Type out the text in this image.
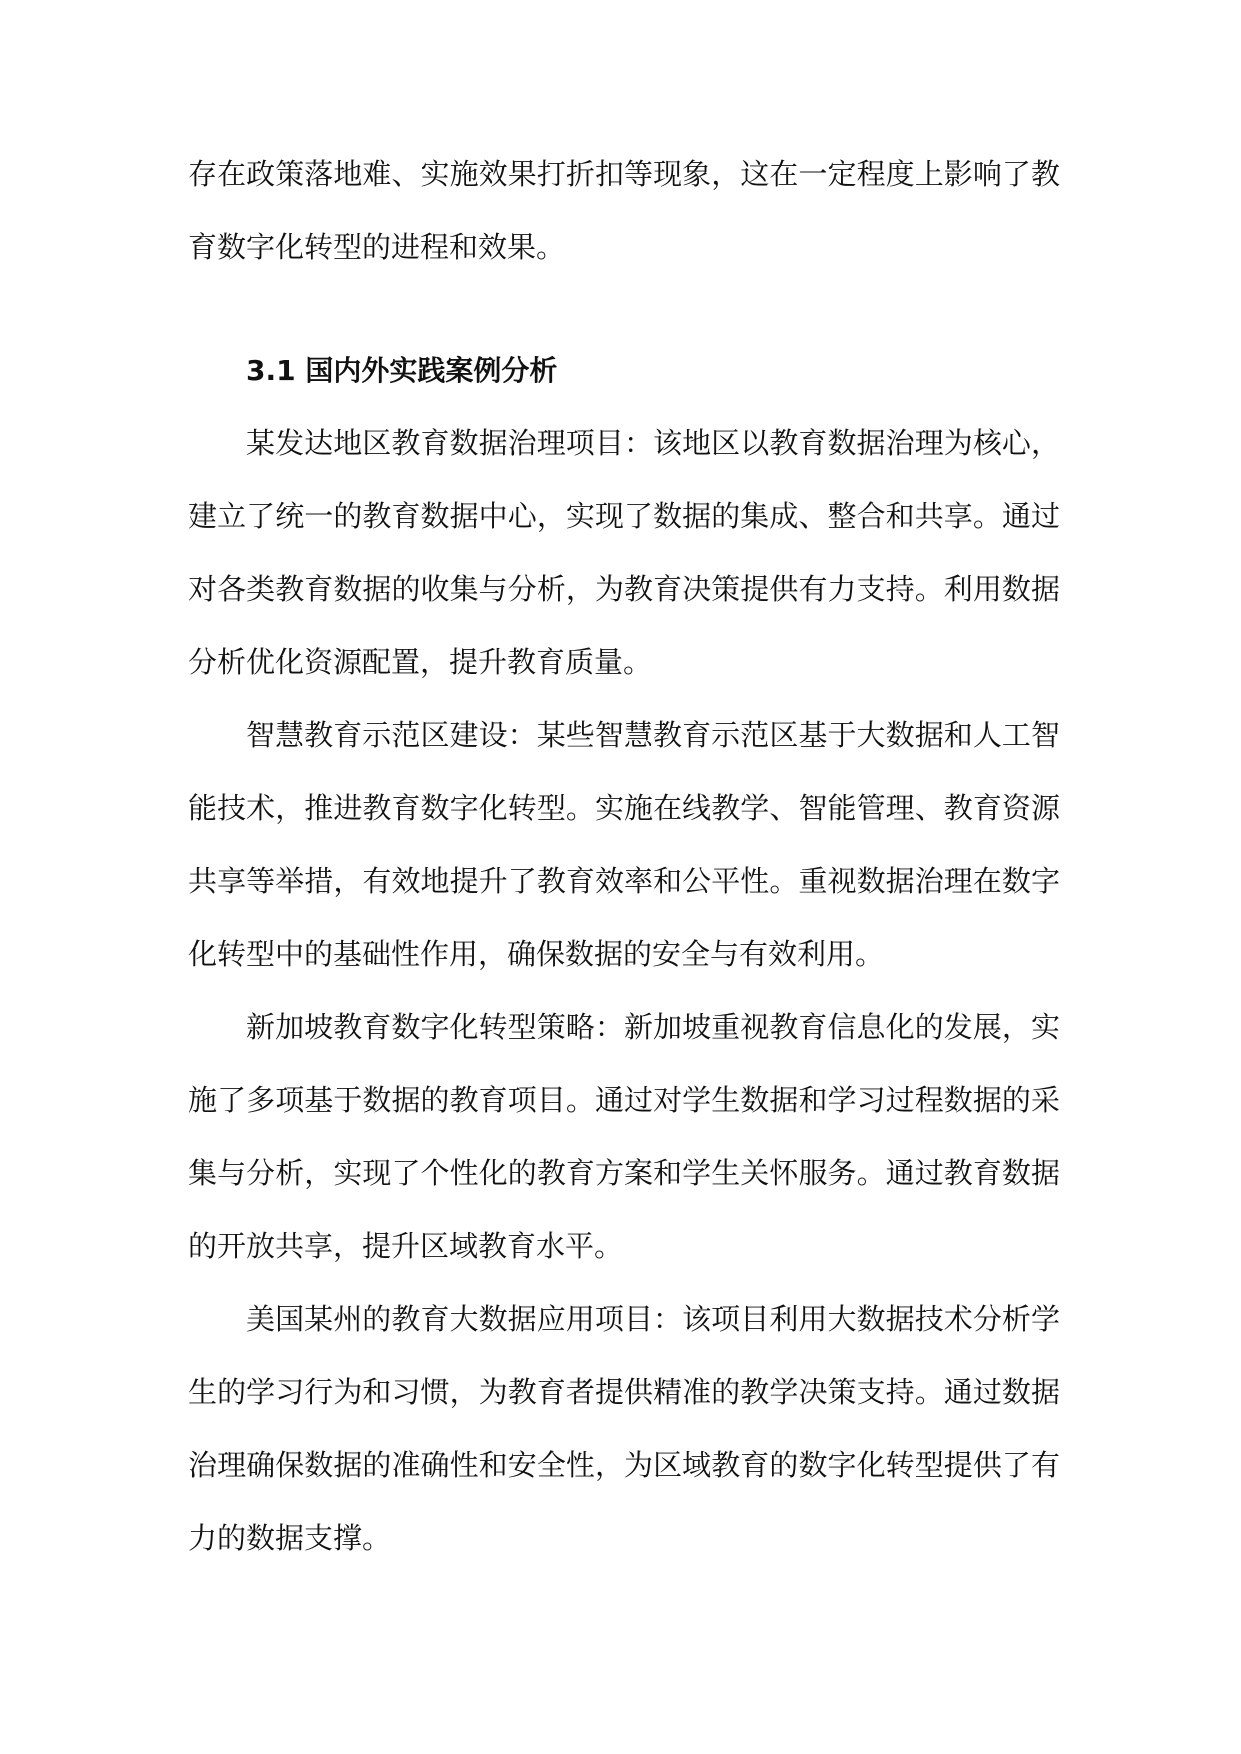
存在政策落地难、实施效果打折扣等现象，这在一定程度上影响了教育数字化转型的进程和效果。

3.1 国内外实践案例分析

某发达地区教育数据治理项目：该地区以教育数据治理为核心，建立了统一的教育数据中心，实现了数据的集成、整合和共享。通过对各类教育数据的收集与分析，为教育决策提供有力支持。利用数据分析优化资源配置，提升教育质量。

智慧教育示范区建设：某些智慧教育示范区基于大数据和人工智能技术，推进教育数字化转型。实施在线教学、智能管理、教育资源共享等举措，有效地提升了教育效率和公平性。重视数据治理在数字化转型中的基础性作用，确保数据的安全与有效利用。

新加坡教育数字化转型策略：新加坡重视教育信息化的发展，实施了多项基于数据的教育项目。通过对学生数据和学习过程数据的采集与分析，实现了个性化的教育方案和学生关怀服务。通过教育数据的开放共享，提升区域教育水平。

美国某州的教育大数据应用项目：该项目利用大数据技术分析学生的学习行为和习惯，为教育者提供精准的教学决策支持。通过数据治理确保数据的准确性和安全性，为区域教育的数字化转型提供了有力的数据支撑。
